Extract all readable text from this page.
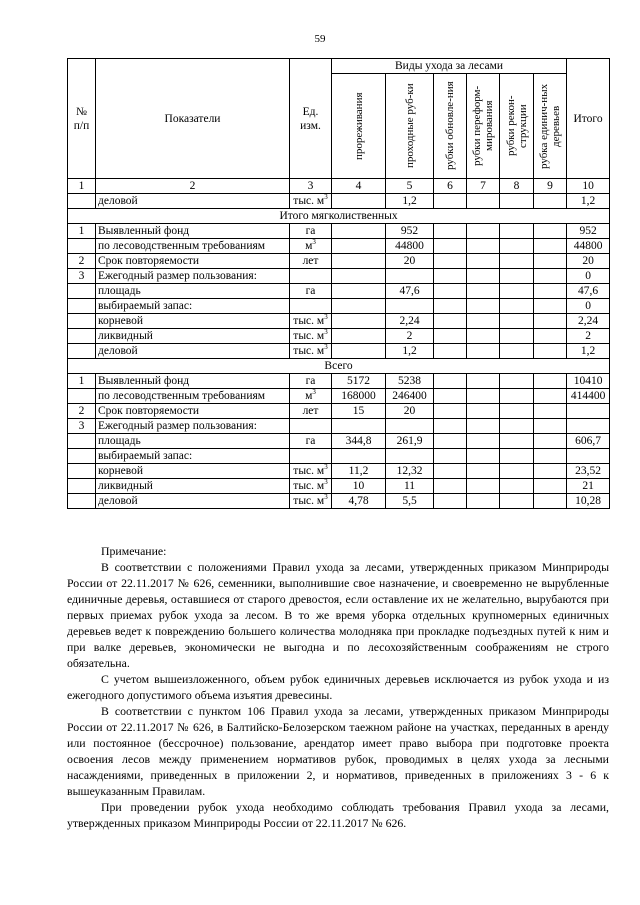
59
№ п/п	Показатели	Ед. изм.	Виды ухода за лесами						Итого

			прореживания	проходные руб-ки	рубки обновле-ния	рубки переформ-мирования	рубки рекон-струкции	рубка единич-ных деревьев	

1	2	3	4	5	6	7	8	9	10
	деловой	тыс. $м^3$		1,2					1,2
Итого мягколиственных									
1	Выявленный фонд	га		952					952
	по лесоводственным требованиям	$м^3$		44800					44800
2	Срок повторяемости	лет		20					20
3	Ежегодный размер пользования:								0
	площадь	га		47,6					47,6
	выбираемый запас:								0
	корневой	тыс. $м^3$		2,24					2,24
	ликвидный	тыс. $м^3$		2					2
	деловой	тыс. $м^3$		1,2					1,2
Всего									
1	Выявленный фонд	га	5172	5238					10410
	по лесоводственным требованиям	$м^3$	168000	246400					414400
2	Срок повторяемости	лет	15	20					
3	Ежегодный размер пользования:								
	площадь	га	344,8	261,9					606,7
	выбираемый запас:								
	корневой	тыс. $м^3$	11,2	12,32					23,52
	ликвидный	тыс. $м^3$	10	11					21
	деловой	тыс. $м^3$	4,78	5,5					10,28

Примечание:

В соответствии с положениями Правил ухода за лесами, утвержденных приказом Минприроды России от 22.11.2017 № 626, семенники, выполнившие свое назначение, и своевременно не вырубленные единичные деревья, оставшиеся от старого древостоя, если оставление их не желательно, вырубаются при первых приемах рубок ухода за лесом. В то же время уборка отдельных крупномерных единичных деревьев ведет к повреждению большего количества молодняка при прокладке подъездных путей к ним и при валке деревьев, экономически не выгодна и по лесохозяйственным соображениям не строго обязательна.

С учетом вышеизложенного, объем рубок единичных деревьев исключается из рубок ухода и из ежегодного допустимого объема изъятия древесины.

В соответствии с пунктом 106 Правил ухода за лесами, утвержденных приказом Минприроды России от 22.11.2017 № 626, в Балтийско-Белозерском таежном районе на участках, переданных в аренду или постоянное (бессрочное) пользование, арендатор имеет право выбора при подготовке проекта освоения лесов между применением нормативов рубок, проводимых в целях ухода за лесными насаждениями, приведенных в приложении 2, и нормативов, приведенных в приложениях 3 - 6 к вышеуказанным Правилам.

При проведении рубок ухода необходимо соблюдать требования Правил ухода за лесами, утвержденных приказом Минприроды России от 22.11.2017 № 626.
